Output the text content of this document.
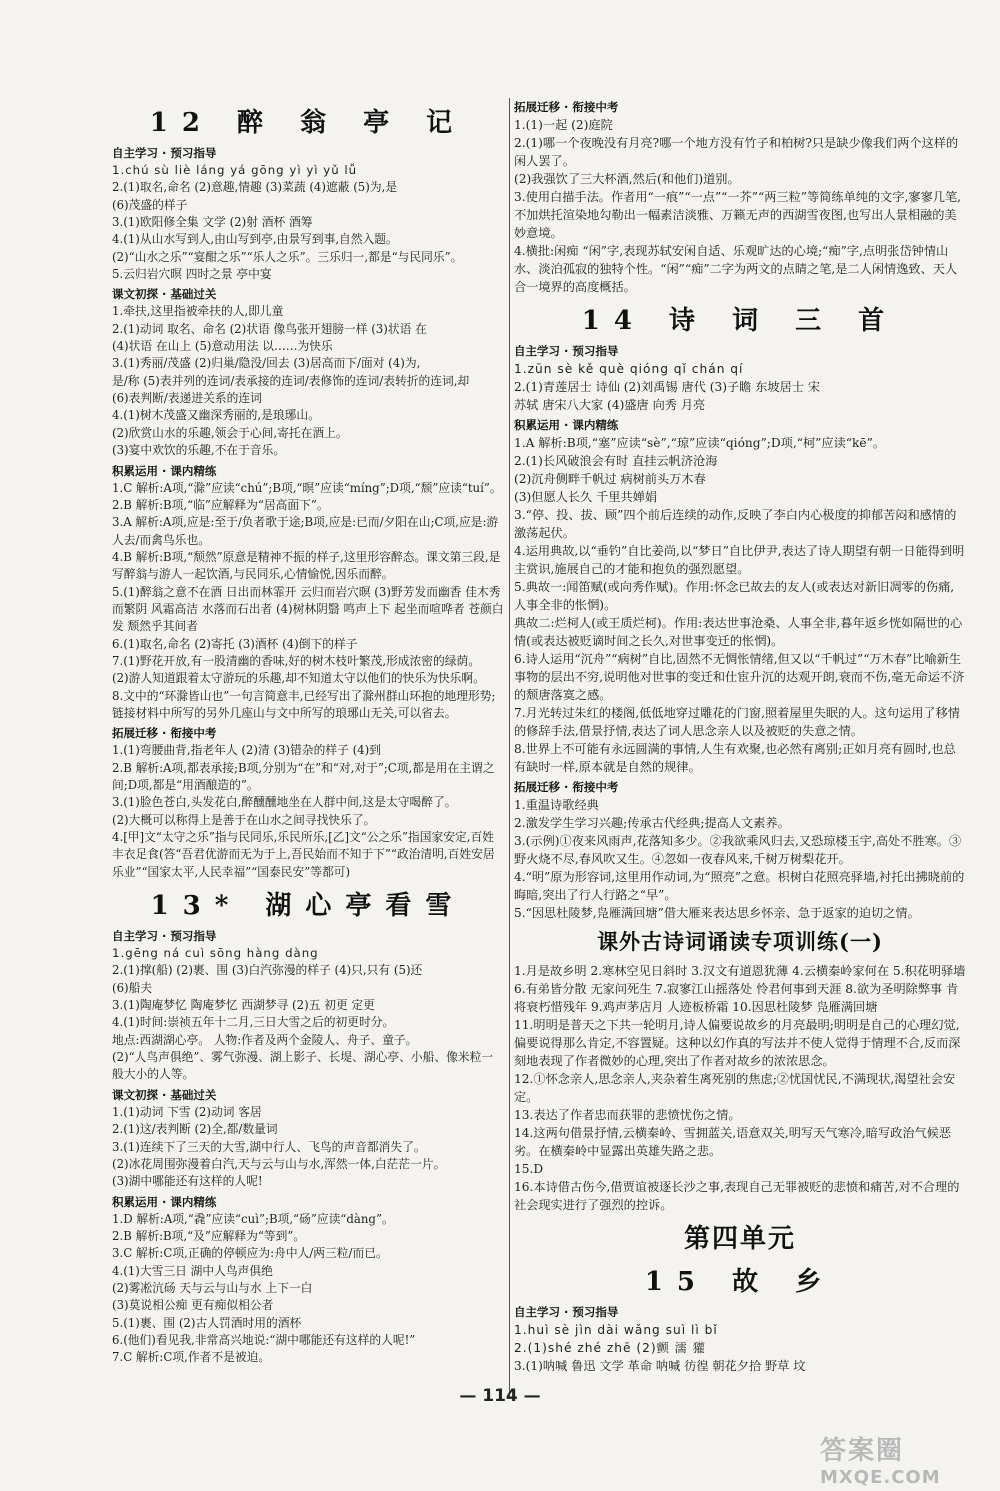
12 醉 翁 亭 记
自主学习 · 预习指导
1.chú sù liè láng yá gōng yì yì yǔ lǚ
2.(1)取名,命名 (2)意趣,情趣 (3)菜蔬 (4)遮蔽 (5)为,是
(6)茂盛的样子
3.(1)欧阳修全集 文学 (2)射 酒杯 酒筹
4.(1)从山水写到人,由山写到亭,由景写到事,自然入题。
(2)“山水之乐”“宴酣之乐”“乐人之乐”。三乐归一,都是“与民同乐”。
5.云归岩穴暝 四时之景 亭中宴
课文初探 · 基础过关
1.牵扶,这里指被牵扶的人,即儿童
2.(1)动词 取名、命名 (2)状语 像鸟张开翅膀一样 (3)状语 在
(4)状语 在山上 (5)意动用法 以……为快乐
3.(1)秀丽/茂盛 (2)归巢/隐没/回去 (3)居高而下/面对 (4)为,
是/称 (5)表并列的连词/表承接的连词/表修饰的连词/表转折的连词,却
(6)表判断/表递进关系的连词
4.(1)树木茂盛又幽深秀丽的,是琅琊山。
(2)欣赏山水的乐趣,领会于心间,寄托在酒上。
(3)宴中欢饮的乐趣,不在于音乐。
积累运用 · 课内精练
1.C 解析:A项,“滁”应读“chú”;B项,“暝”应读“míng”;D项,“颓”应读“tuí”。
2.B 解析:B项,“临”应解释为“居高面下”。
3.A 解析:A项,应是:至于/负者歌于途;B项,应是:已而/夕阳在山;C项,应是:游人去/而禽鸟乐也。
4.B 解析:B项,“颓然”原意是精神不振的样子,这里形容醉态。课文第三段,是写醉翁与游人一起饮酒,与民同乐,心情愉悦,因乐而醉。
5.(1)醉翁之意不在酒 日出而林霏开 云归而岩穴暝 (3)野芳发而幽香 佳木秀而繁阴 风霜高洁 水落而石出者 (4)树林阴翳 鸣声上下 起坐而喧哗者 苍颜白发 颓然乎其间者
6.(1)取名,命名 (2)寄托 (3)酒杯 (4)倒下的样子
7.(1)野花开放,有一股清幽的香味,好的树木枝叶繁茂,形成浓密的绿荫。
(2)游人知道跟着太守游玩的乐趣,却不知道太守以他们的快乐为快乐啊。
8.文中的“环滁皆山也”一句言简意丰,已经写出了滁州群山环抱的地理形势;链接材料中所写的另外几座山与文中所写的琅琊山无关,可以省去。
拓展迁移 · 衔接中考
1.(1)弯腰曲背,指老年人 (2)清 (3)错杂的样子 (4)到
2.B 解析:A项,都表承接;B项,分别为“在”和“对,对于”;C项,都是用在主谓之间;D项,都是“用酒酿造的”。
3.(1)脸色苍白,头发花白,醉醺醺地坐在人群中间,这是太守喝醉了。
(2)大概可以称得上是善于在山水之间寻找快乐了。
4.[甲]文“太守之乐”指与民同乐,乐民所乐,[乙]文“公之乐”指国家安定,百姓丰衣足食(答“吾君优游而无为于上,吾民始而不知于下”“政治清明,百姓安居乐业”“国家太平,人民幸福”“国泰民安”等都可)
13* 湖心亭看雪
自主学习 · 预习指导
1.gēng ná cuì sōng hàng dàng
2.(1)撑(船) (2)裹、围 (3)白汽弥漫的样子 (4)只,只有 (5)还
(6)船夫
3.(1)陶庵梦忆 陶庵梦忆 西湖梦寻 (2)五 初更 定更
4.(1)时间:崇祯五年十二月,三日大雪之后的初更时分。
地点:西湖湖心亭。 人物:作者及两个金陵人、舟子、童子。
(2)“人鸟声俱绝”、雾气弥漫、湖上影子、长堤、湖心亭、小船、像米粒一般大小的人等。
课文初探 · 基础过关
1.(1)动词 下雪 (2)动词 客居
2.(1)这/表判断 (2)全,都/数量词
3.(1)连续下了三天的大雪,湖中行人、飞鸟的声音都消失了。
(2)冰花周围弥漫着白汽,天与云与山与水,浑然一体,白茫茫一片。
(3)湖中哪能还有这样的人呢!
积累运用 · 课内精练
1.D 解析:A项,“毳”应读“cuì”;B项,“砀”应读“dàng”。
2.B 解析:B项,“及”应解释为“等到”。
3.C 解析:C项,正确的停顿应为:舟中人/两三粒/而已。
4.(1)大雪三日 湖中人鸟声俱绝
(2)雾凇沆砀 天与云与山与水 上下一白
(3)莫说相公痴 更有痴似相公者
5.(1)裹、围 (2)古人罚酒时用的酒杯
6.(他们)看见我,非常高兴地说:“湖中哪能还有这样的人呢!”
7.C 解析:C项,作者不是被迫。
拓展迁移 · 衔接中考
1.(1)一起 (2)庭院
2.(1)哪一个夜晚没有月亮?哪一个地方没有竹子和柏树?只是缺少像我们两个这样的闲人罢了。
(2)我强饮了三大杯酒,然后(和他们)道别。
3.使用白描手法。作者用“一痕”“一点”“一芥”“两三粒”等简练单纯的文字,寥寥几笔,不加烘托渲染地勾勒出一幅素洁淡雅、万籁无声的西湖雪夜图,也写出人景相融的美妙意境。
4.横批:闲痴 “闲”字,表现苏轼安闲自适、乐观旷达的心境;“痴”字,点明张岱钟情山水、淡泊孤寂的独特个性。“闲”“痴”二字为两文的点睛之笔,是二人闲情逸致、天人合一境界的高度概括。
14 诗 词 三 首
自主学习 · 预习指导
1.zūn sè kě què qióng qǐ chán qí
2.(1)青莲居士 诗仙 (2)刘禹锡 唐代 (3)子瞻 东坡居士 宋
苏轼 唐宋八大家 (4)盛唐 向秀 月亮
积累运用 · 课内精练
1.A 解析:B项,“塞”应读“sè”,“琼”应读“qióng”;D项,“柯”应读“kē”。
2.(1)长风破浪会有时 直挂云帆济沧海
(2)沉舟侧畔千帆过 病树前头万木春
(3)但愿人长久 千里共婵娟
3.“停、投、拔、顾”四个前后连续的动作,反映了李白内心极度的抑郁苦闷和感情的激荡起伏。
4.运用典故,以“垂钓”自比姜尚,以“梦日”自比伊尹,表达了诗人期望有朝一日能得到明主赏识,施展自己的才能和抱负的强烈愿望。
5.典故一:闻笛赋(或向秀作赋)。作用:怀念已故去的友人(或表达对新旧凋零的伤痛,人事全非的怅惘)。
典故二:烂柯人(或王质烂柯)。作用:表达世事沧桑、人事全非,暮年返乡恍如隔世的心情(或表达被贬谪时间之长久,对世事变迁的怅惘)。
6.诗人运用“沉舟”“病树”自比,固然不无惆怅情绪,但又以“千帆过”“万木春”比喻新生事物的层出不穷,说明他对世事的变迁和仕宦升沉的达观开朗,衰而不伤,毫无命运不济的颓唐落寞之感。
7.月光转过朱红的楼阁,低低地穿过雕花的门窗,照着屋里失眠的人。这句运用了移情的修辞手法,借景抒情,表达了词人思念亲人以及被贬的失意之情。
8.世界上不可能有永远圆满的事情,人生有欢聚,也必然有离别;正如月亮有圆时,也总有缺时一样,原本就是自然的规律。
拓展迁移 · 衔接中考
1.重温诗歌经典
2.激发学生学习兴趣;传承古代经典;提高人文素养。
3.(示例)①夜来风雨声,花落知多少。②我欲乘风归去,又恐琼楼玉宇,高处不胜寒。③野火烧不尽,春风吹又生。④忽如一夜春风来,千树万树梨花开。
4.“明”原为形容词,这里用作动词,为“照亮”之意。枳树白花照亮驿墙,衬托出拂晓前的晦暗,突出了行人行路之“早”。
5.“因思杜陵梦,凫雁满回塘”借大雁来表达思乡怀亲、急于返家的迫切之情。
课外古诗词诵读专项训练(一)
1.月是故乡明 2.寒林空见日斜时 3.汉文有道恩犹薄 4.云横秦岭家何在 5.积花明驿墙 6.有弟皆分散 无家问死生 7.寂寥江山摇落处 怜君何事到天涯 8.欲为圣明除弊事 肯将衰朽惜残年 9.鸡声茅店月 人迹板桥霜 10.因思杜陵梦 凫雁满回塘
11.明明是普天之下共一轮明月,诗人偏要说故乡的月亮最明;明明是自己的心理幻觉,偏要说得那么肯定,不容置疑。这种以幻作真的写法并不使人觉得于情理不合,反而深刻地表现了作者微妙的心理,突出了作者对故乡的浓浓思念。
12.①怀念亲人,思念亲人,夹杂着生离死别的焦虑;②忧国忧民,不满现状,渴望社会安定。
13.表达了作者忠而获罪的悲愤忧伤之情。
14.这两句借景抒情,云横秦岭、雪拥蓝关,语意双关,明写天气寒冷,暗写政治气候恶劣。在横秦岭中显露出英雄失路之悲。
15.D
16.本诗借古伤今,借贾谊被逐长沙之事,表现自己无罪被贬的悲愤和痛苦,对不合理的社会现实进行了强烈的控诉。
第四单元
15 故 乡
自主学习 · 预习指导
1.huì sè jìn dài wǎng suì lì bǐ
2.(1)shé zhé zhē (2)颤 濡 獾
3.(1)呐喊 鲁迅 文学 革命 呐喊 彷徨 朝花夕拾 野草 坟
— 114 —
答案圈
MXQE.COM
